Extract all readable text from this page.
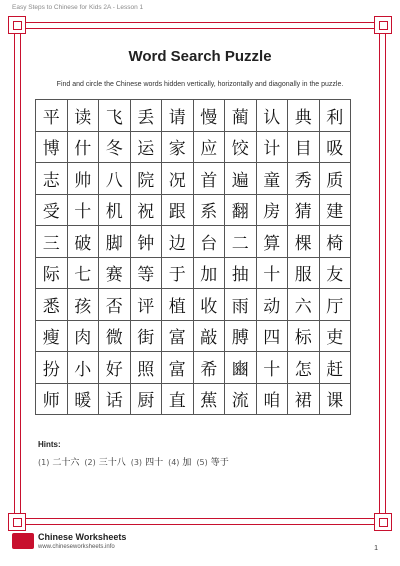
Easy Steps to Chinese for Kids 2A - Lesson 1
Word Search Puzzle
Find and circle the Chinese words hidden vertically, horizontally and diagonally in the puzzle.
平	读	飞	丢	请	慢	蔺	认	典	利
博	什	冬	运	家	应	饺	计	目	吸
志	帅	八	院	况	首	遍	童	秀	质
受	十	机	祝	跟	系	翻	房	猜	建
三	破	脚	钟	边	台	二	算	棵	椅
际	七	赛	等	于	加	抽	十	服	友
悉	孩	否	评	植	收	雨	动	六	厅
瘦	肉	微	街	富	敲	膊	四	标	吏
扮	小	好	照	富	希	豳	十	怎	赶
师	暖	话	厨	直	蕉	流	咱	裙	课
Hints:
(1) 二十六 (2) 三十八 (3) 四十 (4) 加 (5) 等于
Chinese Worksheets
www.chineseworksheets.info	1
